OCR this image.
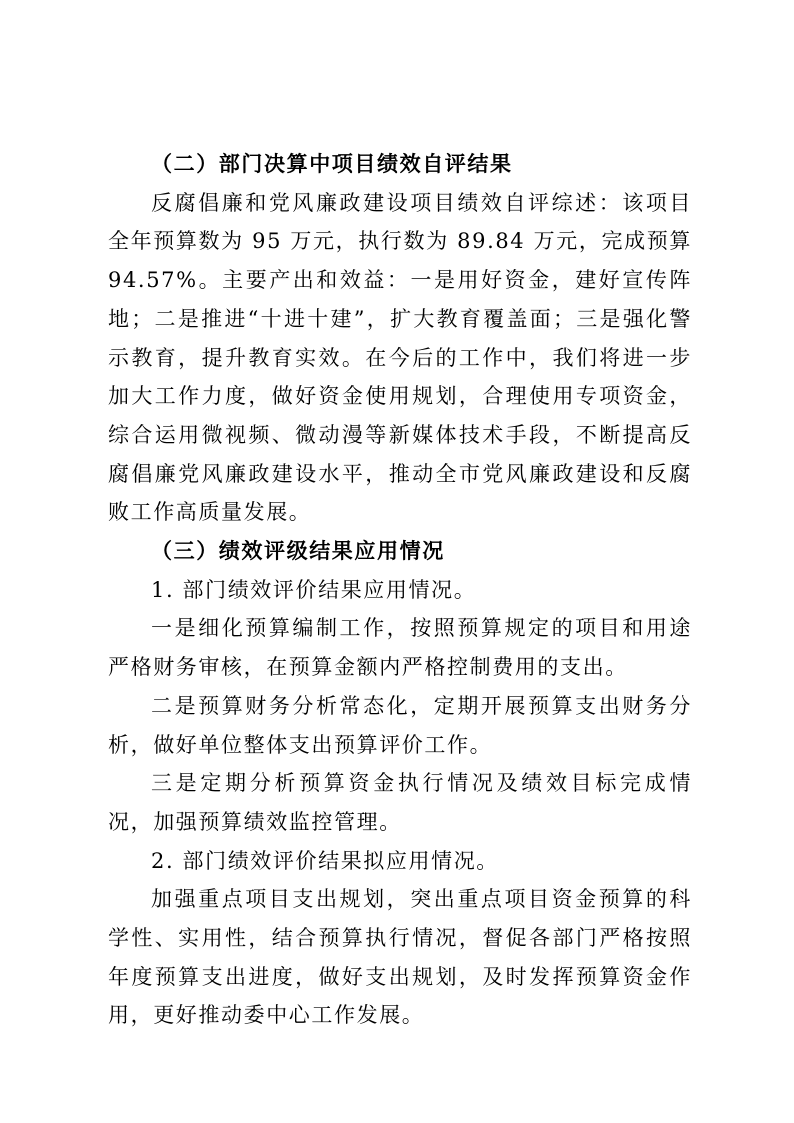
（二）部门决算中项目绩效自评结果

反腐倡廉和党风廉政建设项目绩效自评综述：该项目全年预算数为 95 万元，执行数为 89.84 万元，完成预算 94.57%。主要产出和效益：一是用好资金，建好宣传阵地；二是推进“十进十建”，扩大教育覆盖面；三是强化警示教育，提升教育实效。在今后的工作中，我们将进一步加大工作力度，做好资金使用规划，合理使用专项资金，综合运用微视频、微动漫等新媒体技术手段，不断提高反腐倡廉党风廉政建设水平，推动全市党风廉政建设和反腐败工作高质量发展。

（三）绩效评级结果应用情况

1. 部门绩效评价结果应用情况。

一是细化预算编制工作，按照预算规定的项目和用途严格财务审核，在预算金额内严格控制费用的支出。

二是预算财务分析常态化，定期开展预算支出财务分析，做好单位整体支出预算评价工作。

三是定期分析预算资金执行情况及绩效目标完成情况，加强预算绩效监控管理。

2. 部门绩效评价结果拟应用情况。

加强重点项目支出规划，突出重点项目资金预算的科学性、实用性，结合预算执行情况，督促各部门严格按照年度预算支出进度，做好支出规划，及时发挥预算资金作用，更好推动委中心工作发展。
